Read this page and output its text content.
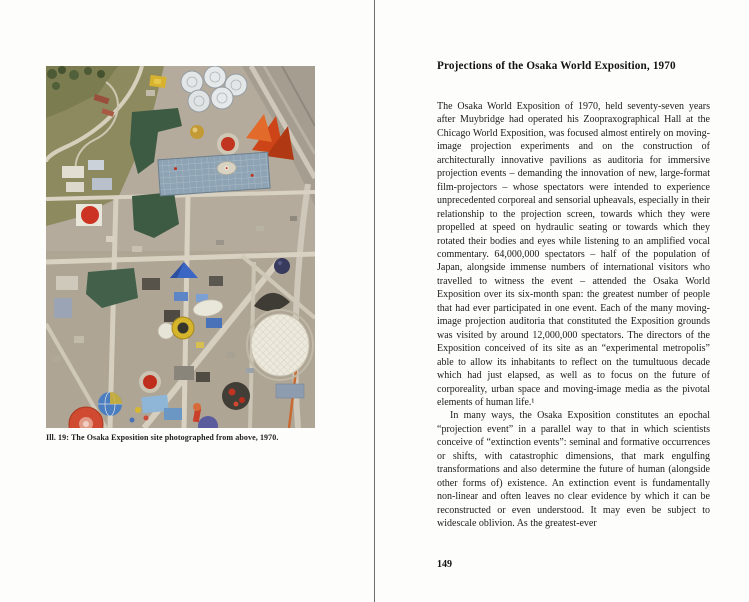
Ill. 19: The Osaka Exposition site photographed from above, 1970.
Projections of the Osaka World Exposition, 1970

The Osaka World Exposition of 1970, held seventy-seven years after Muybridge had operated his Zoopraxographical Hall at the Chicago World Exposition, was focused almost entirely on moving-image projection experiments and on the construction of architecturally innovative pavilions as auditoria for immersive projection events – demanding the innovation of new, large-format film-projectors – whose spectators were intended to experience unprecedented corporeal and sensorial upheavals, especially in their relationship to the projection screen, towards which they were propelled at speed on hydraulic seating or towards which they rotated their bodies and eyes while listening to an amplified vocal commentary. 64,000,000 spectators – half of the population of Japan, alongside immense numbers of international visitors who travelled to witness the event – attended the Osaka World Exposition over its six-month span: the greatest number of people that had ever participated in one event. Each of the many moving-image projection auditoria that constituted the Exposition grounds was visited by around 12,000,000 spectators. The directors of the Exposition conceived of its site as an “experimental metropolis” able to allow its inhabitants to reflect on the tumultuous decade which had just elapsed, as well as to focus on the future of corporeality, urban space and moving-image media as the pivotal elements of human life.¹

In many ways, the Osaka Exposition constitutes an epochal “projection event” in a parallel way to that in which scientists conceive of “extinction events”: seminal and formative occurrences or shifts, with catastrophic dimensions, that mark engulfing transformations and also determine the future of human (alongside other forms of) existence. An extinction event is fundamentally non-linear and often leaves no clear evidence by which it can be reconstructed or even understood. It may even be subject to widescale oblivion. As the greatest-ever

149
